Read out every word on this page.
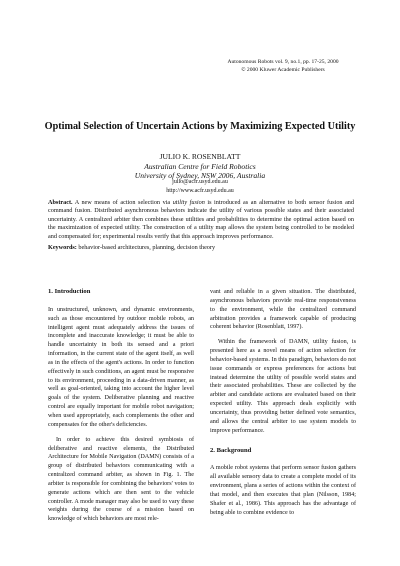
Autonomous Robots vol. 9, no.1, pp. 17-25, 2000
© 2000 Kluwer Academic Publishers
Optimal Selection of Uncertain Actions by Maximizing Expected Utility
JULIO K. ROSENBLATT
Australian Centre for Field Robotics
University of Sydney, NSW 2006, Australia
julio@acfr.usyd.edu.au
http://www.acfr.usyd.edu.au
Abstract. A new means of action selection via utility fusion is introduced as an alternative to both sensor fusion and command fusion. Distributed asynchronous behaviors indicate the utility of various possible states and their associated uncertainty. A centralized arbiter then combines these utilities and probabilities to determine the optimal action based on the maximization of expected utility. The construction of a utility map allows the system being controlled to be modeled and compensated for; experimental results verify that this approach improves performance.
Keywords: behavior-based architectures, planning, decision theory
1. Introduction
In unstructured, unknown, and dynamic environments, such as those encountered by outdoor mobile robots, an intelligent agent must adequately address the issues of incomplete and inaccurate knowledge; it must be able to handle uncertainty in both its sensed and a priori information, in the current state of the agent itself, as well as in the effects of the agent's actions. In order to function effectively in such conditions, an agent must be responsive to its environment, proceeding in a data-driven manner, as well as goal-oriented, taking into account the higher level goals of the system. Deliberative planning and reactive control are equally important for mobile robot navigation; when used appropriately, each complements the other and compensates for the other's deficiencies.
In order to achieve this desired symbiosis of deliberative and reactive elements, the Distributed Architecture for Mobile Navigation (DAMN) consists of a group of distributed behaviors communicating with a centralized command arbiter, as shown in Fig. 1. The arbiter is responsible for combining the behaviors' votes to generate actions which are then sent to the vehicle controller. A mode manager may also be used to vary these weights during the course of a mission based on knowledge of which behaviors are most rele-
vant and reliable in a given situation. The distributed, asynchronous behaviors provide real-time responsiveness to the environment, while the centralized command arbitration provides a framework capable of producing coherent behavior (Rosenblatt, 1997).
Within the framework of DAMN, utility fusion, is presented here as a novel means of action selection for behavior-based systems. In this paradigm, behaviors do not issue commands or express preferences for actions but instead determine the utility of possible world states and their associated probabilities. These are collected by the arbiter and candidate actions are evaluated based on their expected utility. This approach deals explicitly with uncertainty, thus providing better defined vote semantics, and allows the central arbiter to use system models to improve performance.
2. Background
A mobile robot systems that perform sensor fusion gathers all available sensory data to create a complete model of its environment, plans a series of actions within the context of that model, and then executes that plan (Nilsson, 1984; Shafer et al., 1986). This approach has the advantage of being able to combine evidence to
